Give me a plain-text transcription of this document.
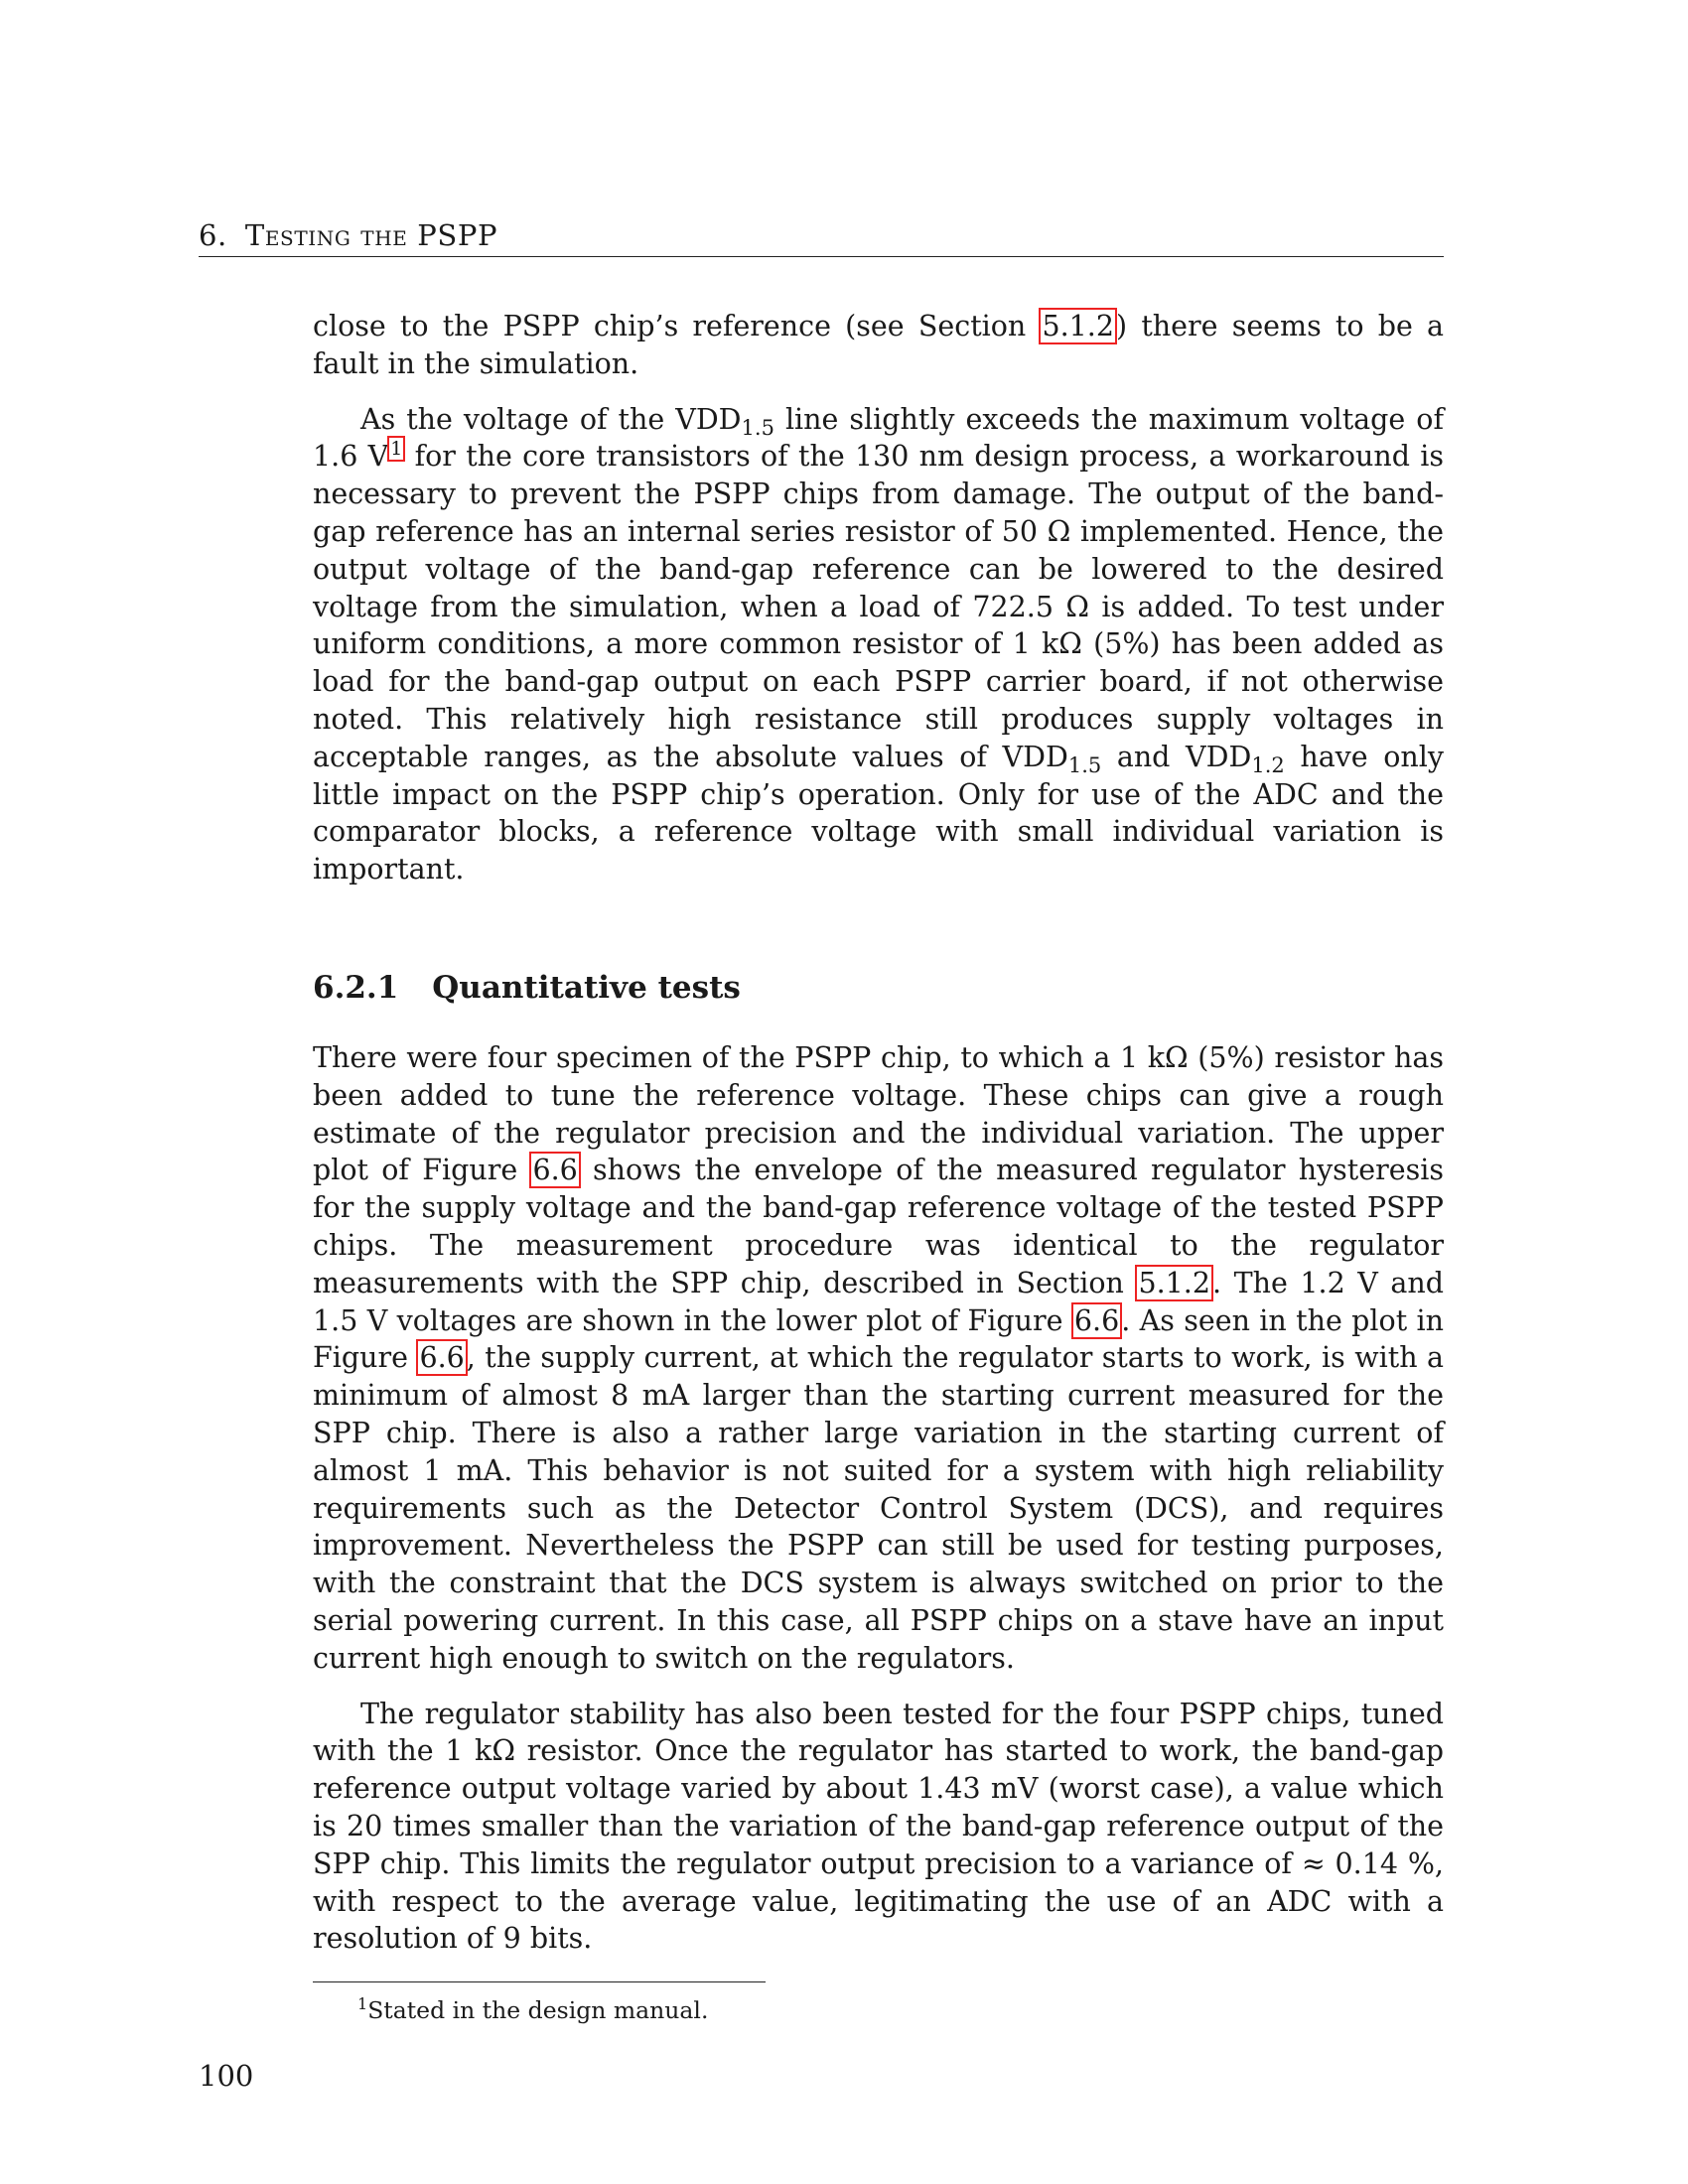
6. Testing the PSPP

close to the PSPP chip’s reference (see Section 5.1.2) there seems to be a fault in the simulation.

As the voltage of the $VDD_{1.5}$ line slightly exceeds the maximum voltage of 1.6 V $^1$ for the core transistors of the 130 nm design process, a workaround is necessary to prevent the PSPP chips from damage. The output of the band-gap reference has an internal series resistor of 50 Ω implemented. Hence, the output voltage of the band-gap reference can be lowered to the desired voltage from the simulation, when a load of 722.5 Ω is added. To test under uniform conditions, a more common resistor of 1 kΩ (5%) has been added as load for the band-gap output on each PSPP carrier board, if not otherwise noted. This relatively high resistance still produces supply voltages in acceptable ranges, as the absolute values of $VDD_{1.5}$ and $VDD_{1.2}$ have only little impact on the PSPP chip’s operation. Only for use of the ADC and the comparator blocks, a reference voltage with small individual variation is important.

6.2.1 Quantitative tests

There were four specimen of the PSPP chip, to which a 1 kΩ (5%) resistor has been added to tune the reference voltage. These chips can give a rough estimate of the regulator precision and the individual variation. The upper plot of Figure 6.6 shows the envelope of the measured regulator hysteresis for the supply voltage and the band-gap reference voltage of the tested PSPP chips. The measurement procedure was identical to the regulator measurements with the SPP chip, described in Section 5.1.2. The 1.2 V and 1.5 V voltages are shown in the lower plot of Figure 6.6. As seen in the plot in Figure 6.6, the supply current, at which the regulator starts to work, is with a minimum of almost 8 mA larger than the starting current measured for the SPP chip. There is also a rather large variation in the starting current of almost 1 mA. This behavior is not suited for a system with high reliability requirements such as the Detector Control System (DCS), and requires improvement. Nevertheless the PSPP can still be used for testing purposes, with the constraint that the DCS system is always switched on prior to the serial powering current. In this case, all PSPP chips on a stave have an input current high enough to switch on the regulators.

The regulator stability has also been tested for the four PSPP chips, tuned with the 1 kΩ resistor. Once the regulator has started to work, the band-gap reference output voltage varied by about 1.43 mV (worst case), a value which is 20 times smaller than the variation of the band-gap reference output of the SPP chip. This limits the regulator output precision to a variance of ≈ 0.14 %, with respect to the average value, legitimating the use of an ADC with a resolution of 9 bits.

$^1$Stated in the design manual.
100
